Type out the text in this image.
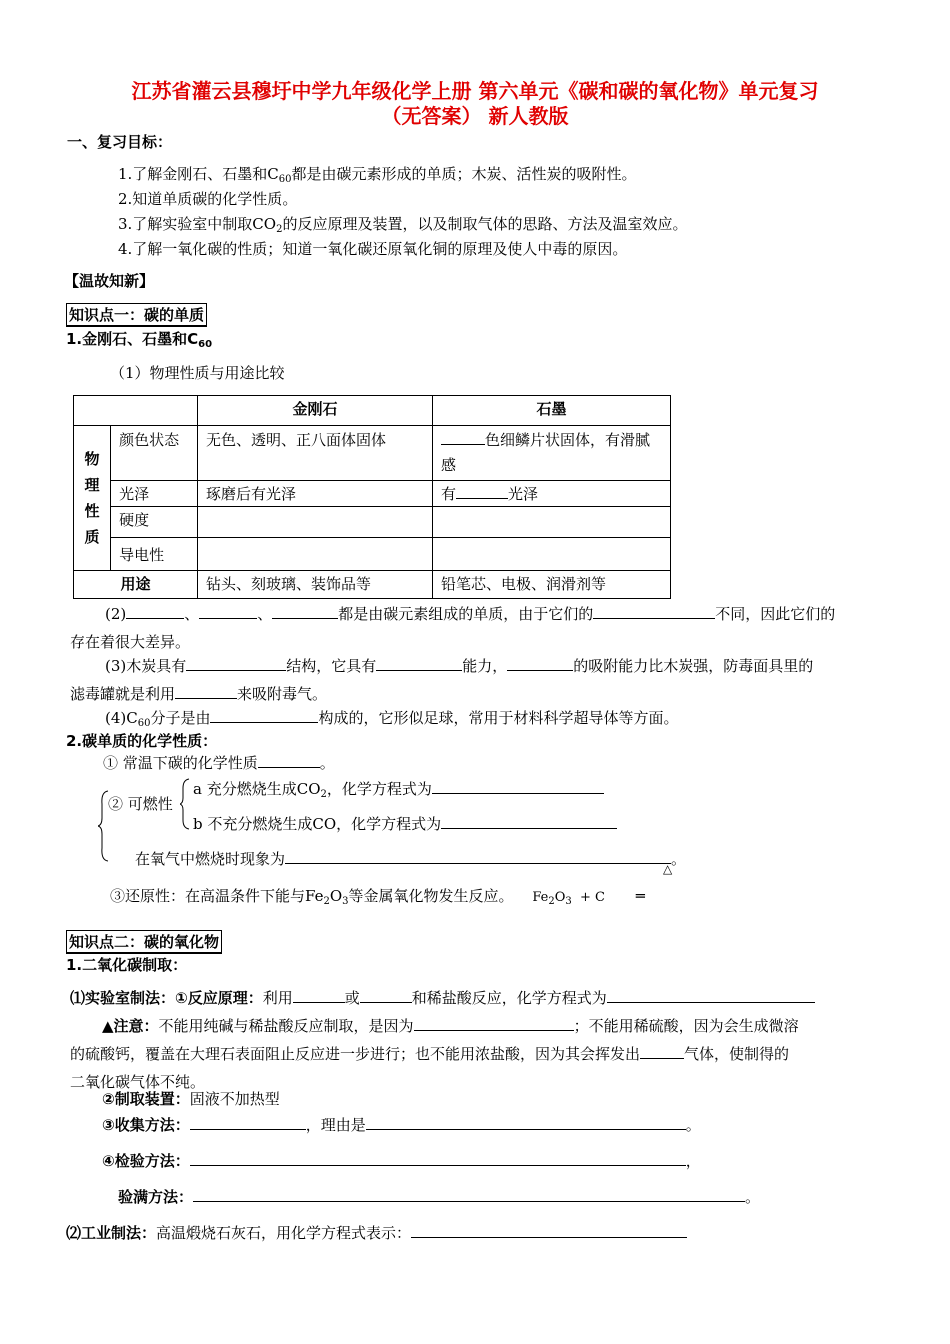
江苏省灌云县穆圩中学九年级化学上册 第六单元《碳和碳的氧化物》单元复习
（无答案） 新人教版
一、复习目标：
1.了解金刚石、石墨和$C_{60}$都是由碳元素形成的单质；木炭、活性炭的吸附性。
2.知道单质碳的化学性质。
3.了解实验室中制取$CO_2$的反应原理及装置，以及制取气体的思路、方法及温室效应。
4.了解一氧化碳的性质；知道一氧化碳还原氧化铜的原理及使人中毒的原因。
【温故知新】
知识点一：碳的单质
1.金刚石、石墨和$C_{60}$
（1）物理性质与用途比较
		金刚石	石墨
物理性质	颜色状态	无色、透明、正八面体固体	色细鳞片状固体，有滑腻感
	光泽	琢磨后有光泽	有 光泽
	硬度		
	导电性		
用途		钻头、刻玻璃、装饰品等	铅笔芯、电极、润滑剂等
(2)	、	、	都是由碳元素组成的单质，由于它们的	不同，因此它们的
存在着很大差异。
(3)木炭具有	结构，它具有	能力，	的吸附能力比木炭强，防毒面具里的
滤毒罐就是利用	来吸附毒气。
$(4)C_{60}$分子是由	构成的，它形似足球，常用于材料科学超导体等方面。
2.碳单质的化学性质：
① 常温下碳的化学性质	。
② 可燃性
a 充分燃烧生成$CO_2$，化学方程式为
b 不充分燃烧生成CO，化学方程式为
在氧气中燃烧时现象为	。
△
③还原性：在高温条件下能与$Fe_2O_3$等金属氧化物发生反应。 $Fe_2O_3 + C$ ═
知识点二：碳的氧化物
1.二氧化碳制取：
⑴实验室制法：①反应原理：利用	或	和稀盐酸反应，化学方程式为
▲注意：不能用纯碱与稀盐酸反应制取，是因为	；不能用稀硫酸，因为会生成微溶
的硫酸钙，覆盖在大理石表面阻止反应进一步进行；也不能用浓盐酸，因为其会挥发出	气体，使制得的
二氧化碳气体不纯。
②制取装置：固液不加热型
③收集方法：	，理由是	。
④检验方法：	，
验满方法：	。
⑵工业制法：高温煅烧石灰石，用化学方程式表示：
